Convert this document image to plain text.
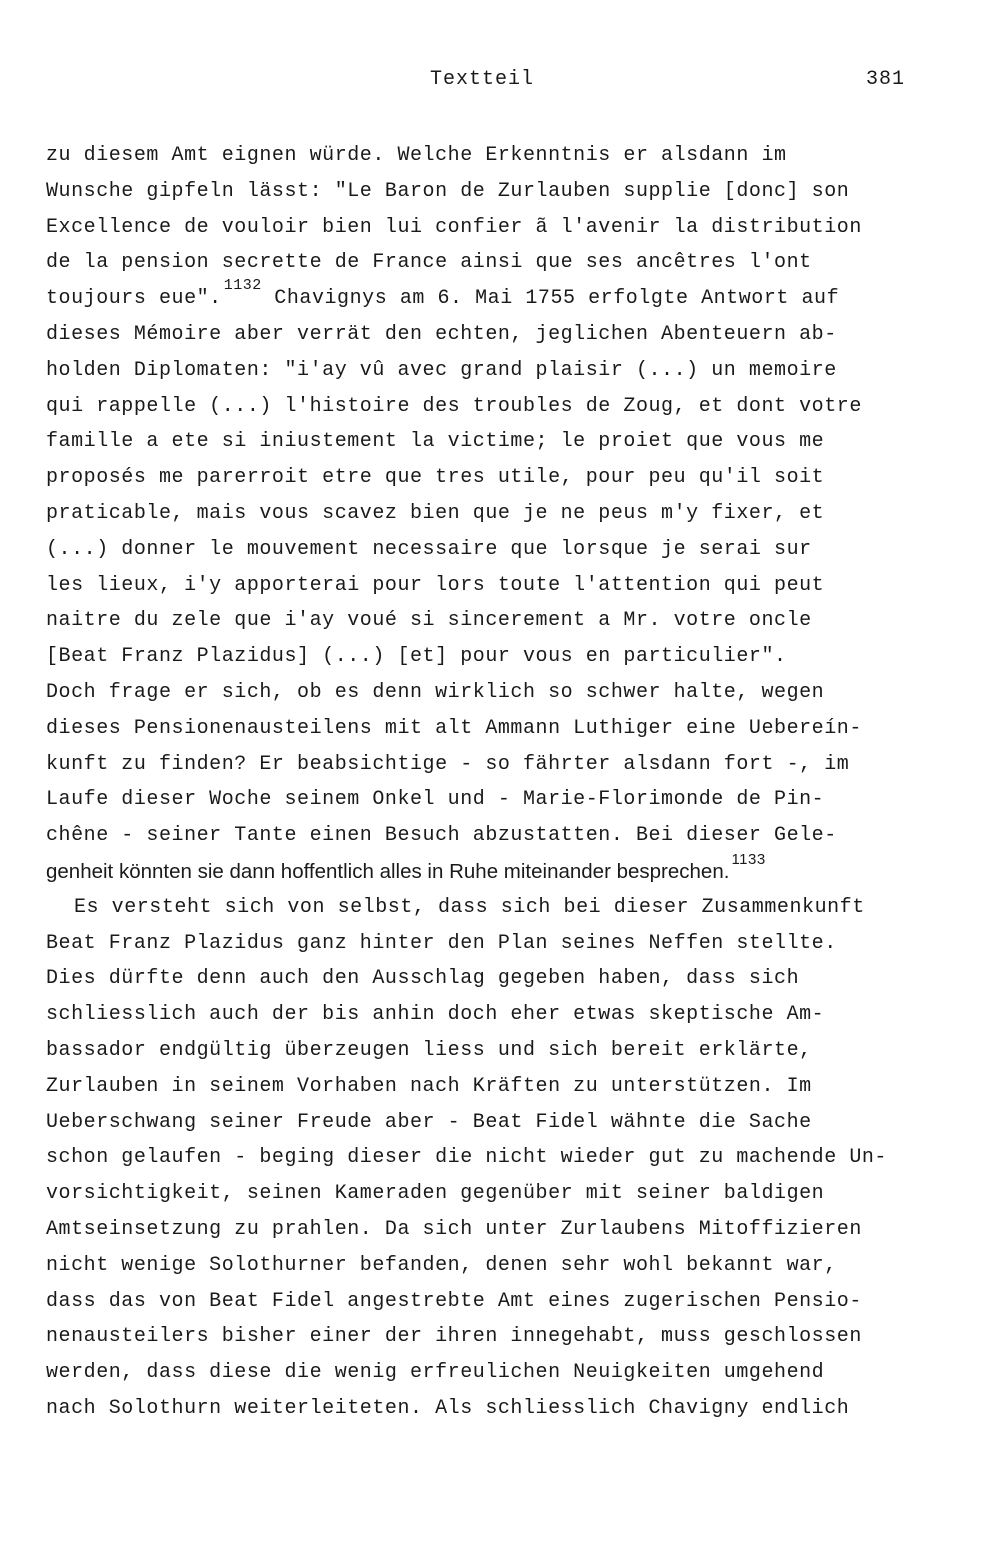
Textteil	381
zu diesem Amt eignen würde. Welche Erkenntnis er alsdann im
Wunsche gipfeln lässt: "Le Baron de Zurlauben supplie [donc] son
Excellence de vouloir bien lui confier ã l'avenir la distribution
de la pension secrette de France ainsi que ses ancêtres l'ont
toujours eue".$^{1132}$ Chavignys am 6. Mai 1755 erfolgte Antwort auf
dieses Mémoire aber verrät den echten, jeglichen Abenteuern ab-
holden Diplomaten: "i'ay vû avec grand plaisir (...) un memoire
qui rappelle (...) l'histoire des troubles de Zoug, et dont votre
famille a ete si iniustement la victime; le proiet que vous me
proposés me parerroit etre que tres utile, pour peu qu'il soit
praticable, mais vous scavez bien que je ne peus m'y fixer, et
(...) donner le mouvement necessaire que lorsque je serai sur
les lieux, i'y apporterai pour lors toute l'attention qui peut
naitre du zele que i'ay voué si sincerement a Mr. votre oncle
[Beat Franz Plazidus] (...) [et] pour vous en particulier".
Doch frage er sich, ob es denn wirklich so schwer halte, wegen
dieses Pensionenausteilens mit alt Ammann Luthiger eine Uebereín-
kunft zu finden? Er beabsichtige - so fährter alsdann fort -, im
Laufe dieser Woche seinem Onkel und - Marie-Florimonde de Pin-
chêne - seiner Tante einen Besuch abzustatten. Bei dieser Gele-
genheit könnten sie dann hoffentlich alles in Ruhe miteinander besprechen.$^{1133}$
Es versteht sich von selbst, dass sich bei dieser Zusammenkunft
Beat Franz Plazidus ganz hinter den Plan seines Neffen stellte.
Dies dürfte denn auch den Ausschlag gegeben haben, dass sich
schliesslich auch der bis anhin doch eher etwas skeptische Am-
bassador endgültig überzeugen liess und sich bereit erklärte,
Zurlauben in seinem Vorhaben nach Kräften zu unterstützen. Im
Ueberschwang seiner Freude aber - Beat Fidel wähnte die Sache
schon gelaufen - beging dieser die nicht wieder gut zu machende Un-
vorsichtigkeit, seinen Kameraden gegenüber mit seiner baldigen
Amtseinsetzung zu prahlen. Da sich unter Zurlaubens Mitoffizieren
nicht wenige Solothurner befanden, denen sehr wohl bekannt war,
dass das von Beat Fidel angestrebte Amt eines zugerischen Pensio-
nenausteilers bisher einer der ihren innegehabt, muss geschlossen
werden, dass diese die wenig erfreulichen Neuigkeiten umgehend
nach Solothurn weiterleiteten. Als schliesslich Chavigny endlich
